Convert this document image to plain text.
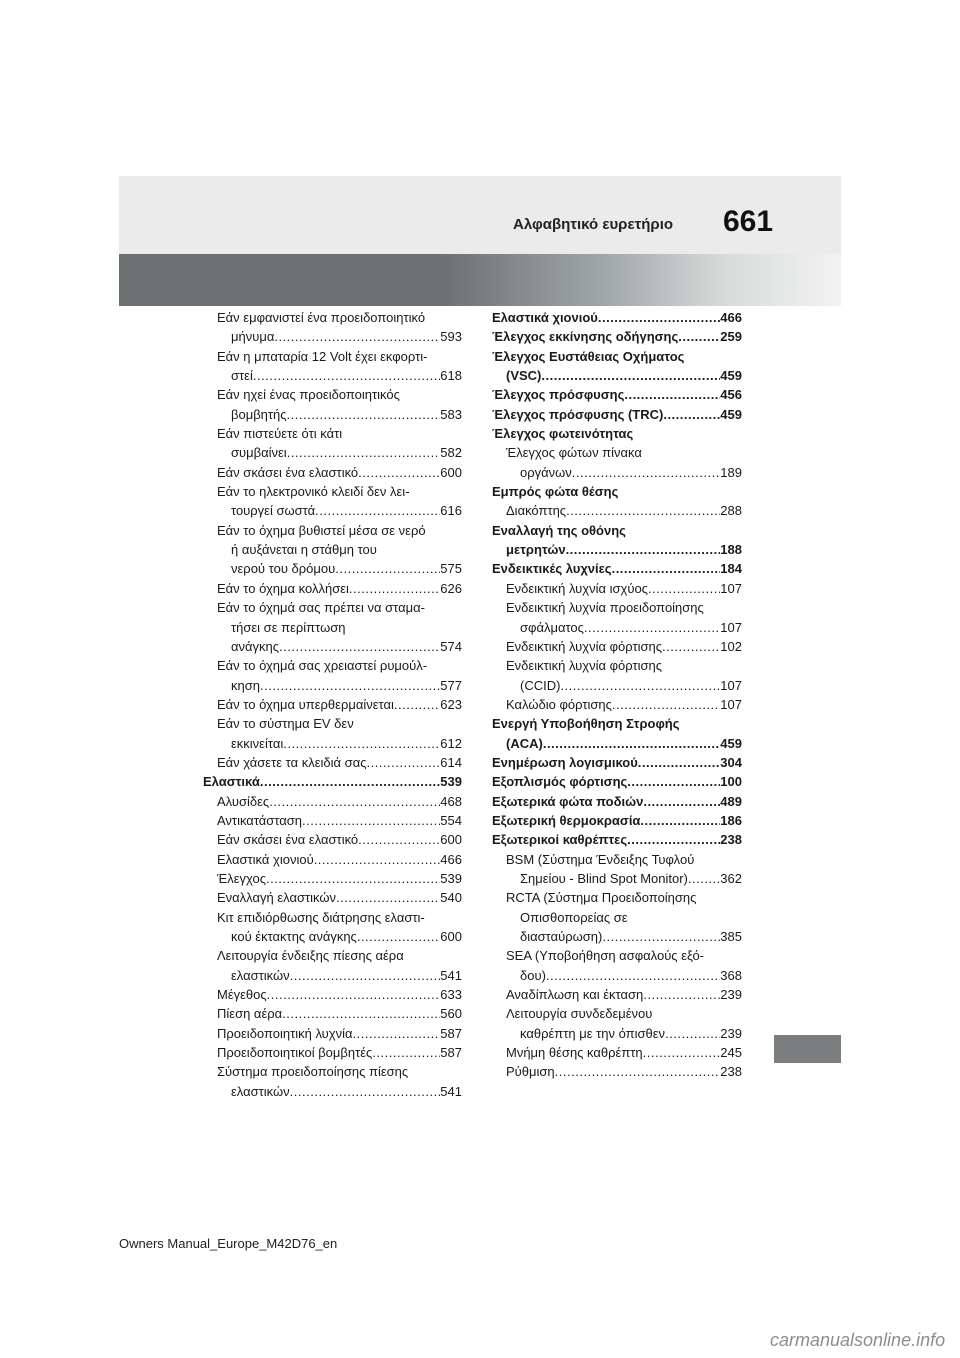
Αλφαβητικό ευρετήριο 661
Εάν εμφανιστεί ένα προειδοποιητικό
μήνυμα .....	593
Εάν η μπαταρία 12 Volt έχει εκφορτι-
στεί .....	618
Εάν ηχεί ένας προειδοποιητικός
βομβητής .....	583
Εάν πιστεύετε ότι κάτι
συμβαίνει .....	582
Εάν σκάσει ένα ελαστικό .....	600
Εάν το ηλεκτρονικό κλειδί δεν λει-
τουργεί σωστά .....	616
Εάν το όχημα βυθιστεί μέσα σε νερό
ή αυξάνεται η στάθμη του
νερού του δρόμου .....	575
Εάν το όχημα κολλήσει .....	626
Εάν το όχημά σας πρέπει να σταμα-
τήσει σε περίπτωση
ανάγκης .....	574
Εάν το όχημά σας χρειαστεί ρυμούλ-
κηση .....	577
Εάν το όχημα υπερθερμαίνεται .....	623
Εάν το σύστημα EV δεν
εκκινείται .....	612
Εάν χάσετε τα κλειδιά σας .....	614
Ελαστικά .....	539
Αλυσίδες .....	468
Αντικατάσταση .....	554
Εάν σκάσει ένα ελαστικό .....	600
Ελαστικά χιονιού .....	466
Έλεγχος .....	539
Εναλλαγή ελαστικών .....	540
Κιτ επιδιόρθωσης διάτρησης ελαστι-
κού έκτακτης ανάγκης .....	600
Λειτουργία ένδειξης πίεσης αέρα
ελαστικών .....	541
Μέγεθος .....	633
Πίεση αέρα .....	560
Προειδοποιητική λυχνία .....	587
Προειδοποιητικοί βομβητές .....	587
Σύστημα προειδοποίησης πίεσης
ελαστικών .....	541
Ελαστικά χιονιού .....	466
Έλεγχος εκκίνησης οδήγησης .....	259
Έλεγχος Ευστάθειας Οχήματος
(VSC) .....	459
Έλεγχος πρόσφυσης .....	456
Έλεγχος πρόσφυσης (TRC) .....	459
Έλεγχος φωτεινότητας
Έλεγχος φώτων πίνακα
οργάνων .....	189
Εμπρός φώτα θέσης
Διακόπτης .....	288
Εναλλαγή της οθόνης
μετρητών .....	188
Ενδεικτικές λυχνίες .....	184
Ενδεικτική λυχνία ισχύος .....	107
Ενδεικτική λυχνία προειδοποίησης
σφάλματος .....	107
Ενδεικτική λυχνία φόρτισης .....	102
Ενδεικτική λυχνία φόρτισης
(CCID) .....	107
Καλώδιο φόρτισης .....	107
Ενεργή Υποβοήθηση Στροφής
(ACA) .....	459
Ενημέρωση λογισμικού .....	304
Εξοπλισμός φόρτισης .....	100
Εξωτερικά φώτα ποδιών .....	489
Εξωτερική θερμοκρασία .....	186
Εξωτερικοί καθρέπτες .....	238
BSM (Σύστημα Ένδειξης Τυφλού
Σημείου - Blind Spot Monitor) ..... 362
RCTA (Σύστημα Προειδοποίησης
Οπισθοπορείας σε
διασταύρωση) .....	385
SEA (Υποβοήθηση ασφαλούς εξό-
δου) .....	368
Αναδίπλωση και έκταση .....	239
Λειτουργία συνδεδεμένου
καθρέπτη με την όπισθεν .....	239
Μνήμη θέσης καθρέπτη .....	245
Ρύθμιση .....	238
Owners Manual_Europe_M42D76_en
carmanualsonline.info
